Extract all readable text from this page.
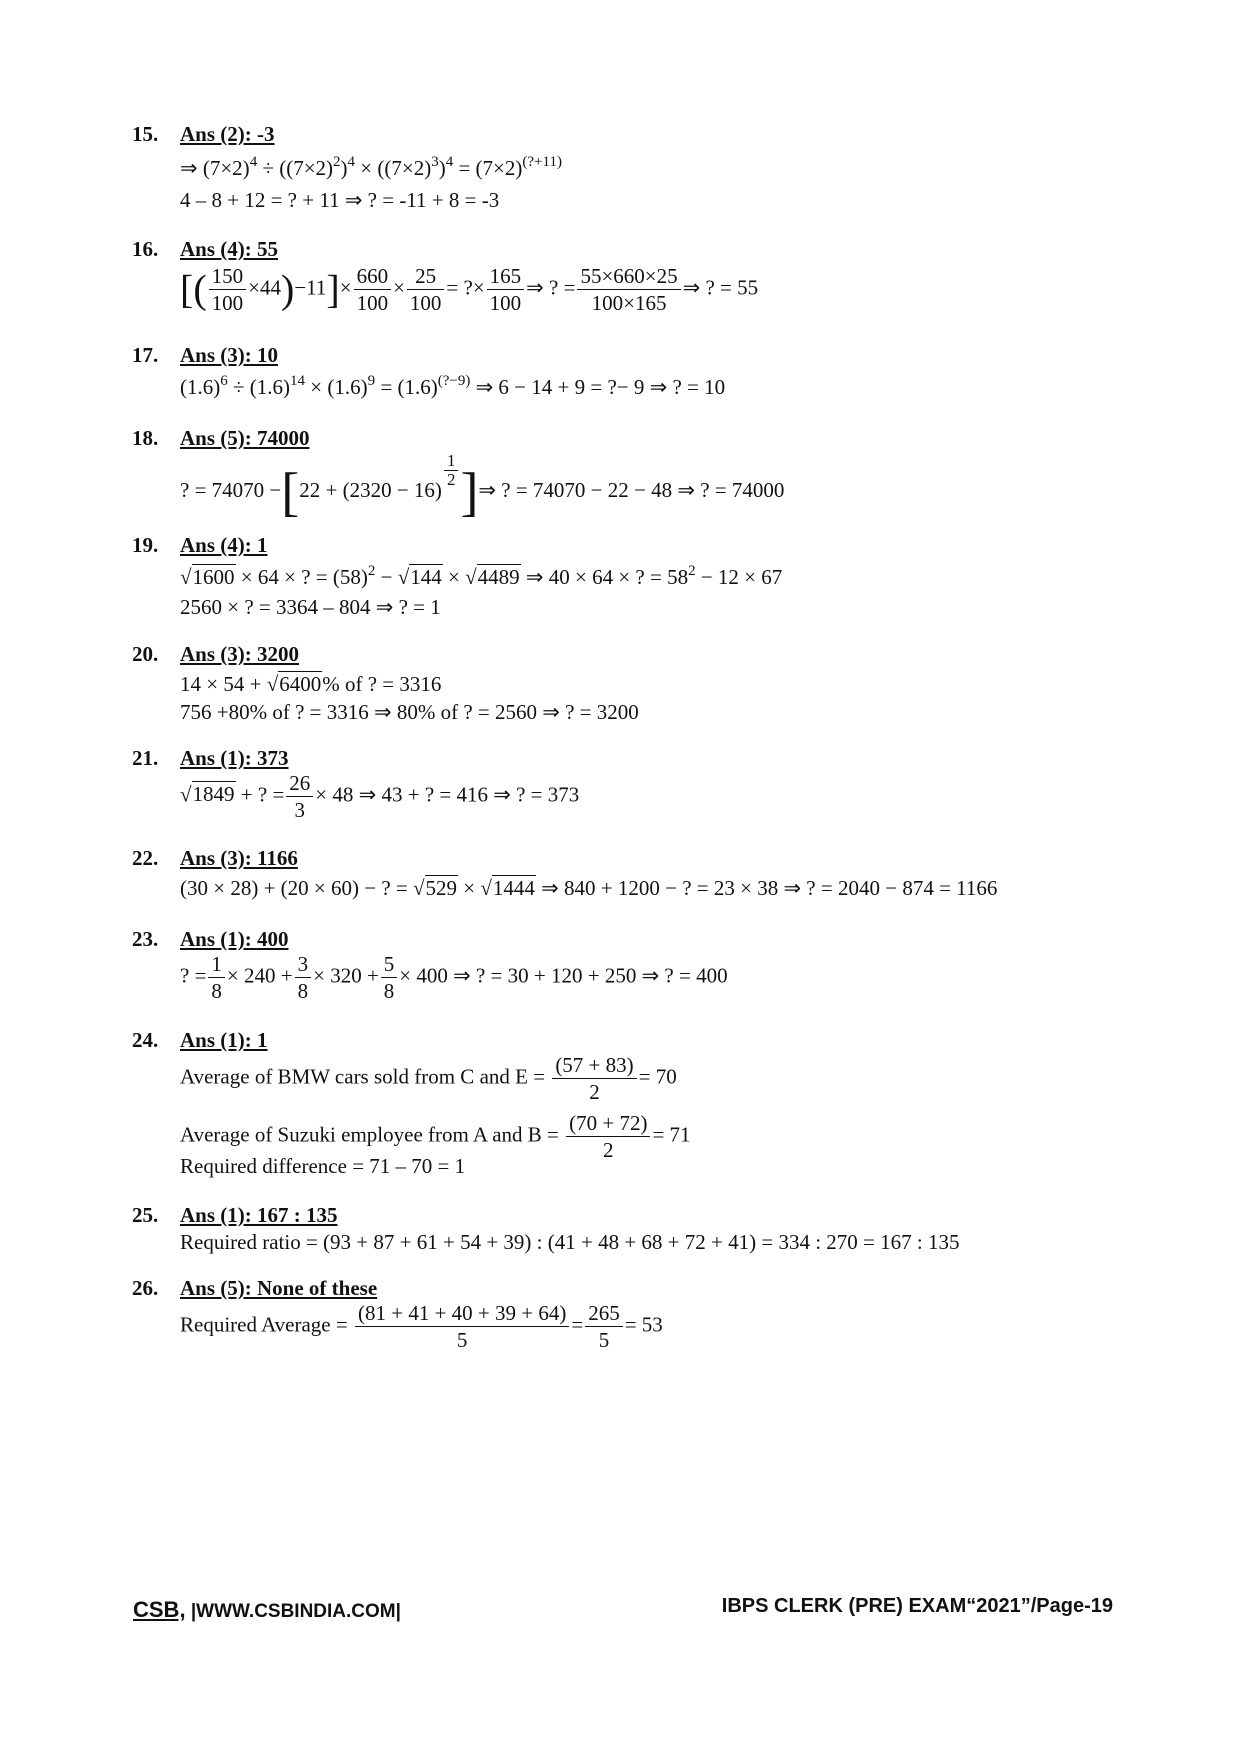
15. Ans (2): -3
⇒ $(7\times 2)^4 \div ((7\times 2)^2)^4 \times ((7\times 2)^3)^4 = (7\times 2)^{(?+11)}$
4 – 8 + 12 = ? + 11 ⇒ ? = -11 + 8 = -3
16. Ans (4): 55
[( $\frac{150}{100} \times 44)-11]\times \frac{660}{100} \times \frac{25}{100}$ = ?× $\frac{165}{100}$ ⇒ ? = $\frac{55\times 660\times 25}{100\times 165}$ ⇒ ? = 55
17. Ans (3): 10
$(1.6)^6 \div (1.6)^{14} \times (1.6)^9 = (1.6)^{(?-9)}$ ⇒ 6 − 14 + 9 = ?− 9 ⇒ ? = 10
18. Ans (5): 74000
? = 74070 −[22 + (2320 − 16)
$\frac{1}{2}$ ]⇒ ? = 74070 − 22 − 48 ⇒ ? = 74000
19. Ans (4): 1
√1600 × 64 × ? = $(58)^2 - √144 \times √4489$ ⇒ 40 × 64 × ? = $58^2 - 12 \times 67$
2560 × ? = 3364 – 804 ⇒ ? = 1
20. Ans (3): 3200
14 × 54 + √6400% of ? = 3316
756 +80% of ? = 3316 ⇒ 80% of ? = 2560 ⇒ ? = 3200
21. Ans (1): 373
√1849 + ? = $\frac{26}{3} \times 48$ ⇒ 43 + ? = 416 ⇒ ? = 373
22. Ans (3): 1166
(30 × 28) + (20 × 60) − ? = √529 × √1444 ⇒ 840 + 1200 − ? = 23 × 38 ⇒ ? = 2040 − 874 = 1166
23. Ans (1): 400
? = $\frac{1}{8} \times 240 + \frac{3}{8} \times 320 + \frac{5}{8} \times 400$ ⇒ ? = 30 + 120 + 250 ⇒ ? = 400
24. Ans (1): 1
Average of BMW cars sold from C and $E = \frac{(57 + 83)}{2} = 70$
Average of Suzuki employee from A and $B = \frac{(70 + 72)}{2} = 71$
Required difference = 71 – 70 = 1
25. Ans (1): 167 : 135
Required ratio = (93 + 87 + 61 + 54 + 39) : (41 + 48 + 68 + 72 + 41) = 334 : 270 = 167 : 135
26. Ans (5): None of these
Required Average = $\frac{(81 + 41 + 40 + 39 + 64)}{5} = \frac{265}{5} = 53$
CSB, |WWW.CSBINDIA.COM|	IBPS CLERK (PRE) EXAM“2021”/Page-19
